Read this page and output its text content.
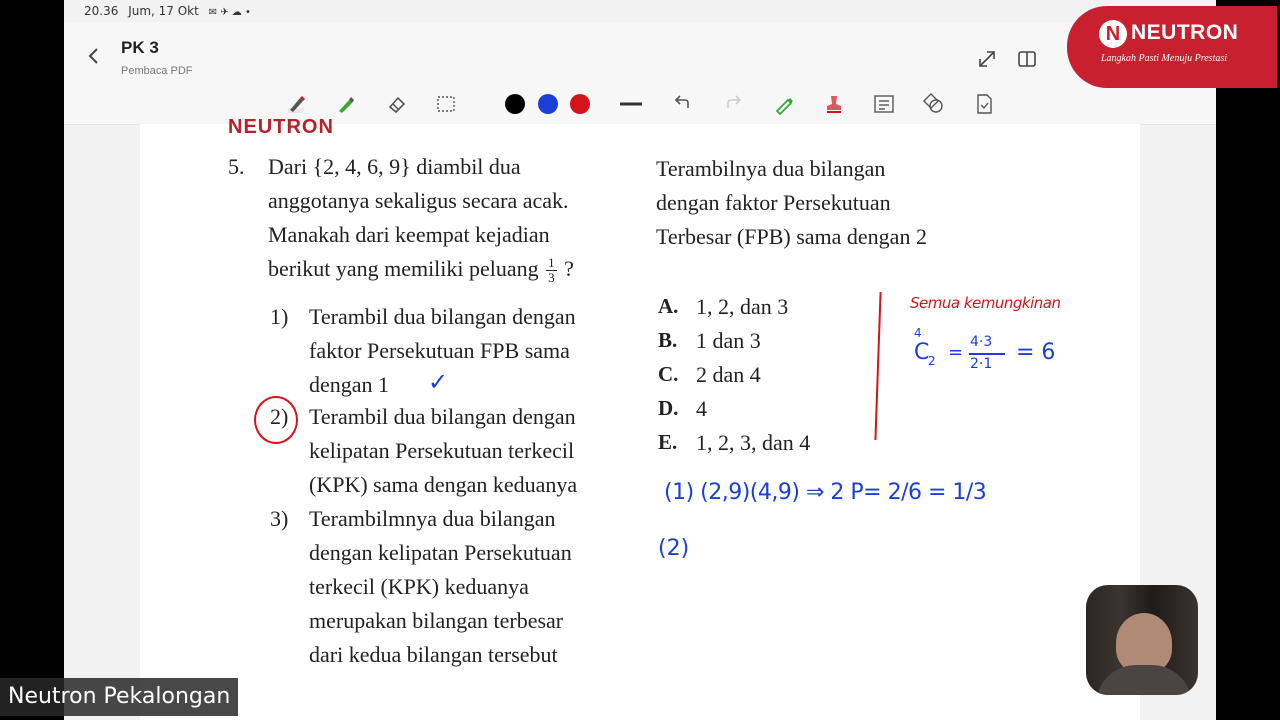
20.36 Jum, 17 Okt ✉ ✈ ☁ •
PK 3
Pembaca PDF
NEUTRON
5. Dari {2, 4, 6, 9} diambil dua
anggotanya sekaligus secara acak.
Manakah dari keempat kejadian
berikut yang memiliki peluang $\frac{1}{3}$ ?
1) Terambil dua bilangan dengan
faktor Persekutuan FPB sama
dengan 1
2) Terambil dua bilangan dengan
kelipatan Persekutuan terkecil
(KPK) sama dengan keduanya
3) Terambilmnya dua bilangan
dengan kelipatan Persekutuan
terkecil (KPK) keduanya
merupakan bilangan terbesar
dari kedua bilangan tersebut
Terambilnya dua bilangan
dengan faktor Persekutuan
Terbesar (FPB) sama dengan 2
A. 1, 2, dan 3
B. 1 dan 3
C. 2 dan 4
D. 4
E. 1, 2, 3, dan 4
✓
Semua kemungkinan
4
C
2 = 4·3
2·1 = 6
(1) (2,9)(4,9) ⇒ 2 P= 2/6 = 1/3
(2)
N NEUTRON
Langkah Pasti Menuju Prestasi
Neutron Pekalongan
